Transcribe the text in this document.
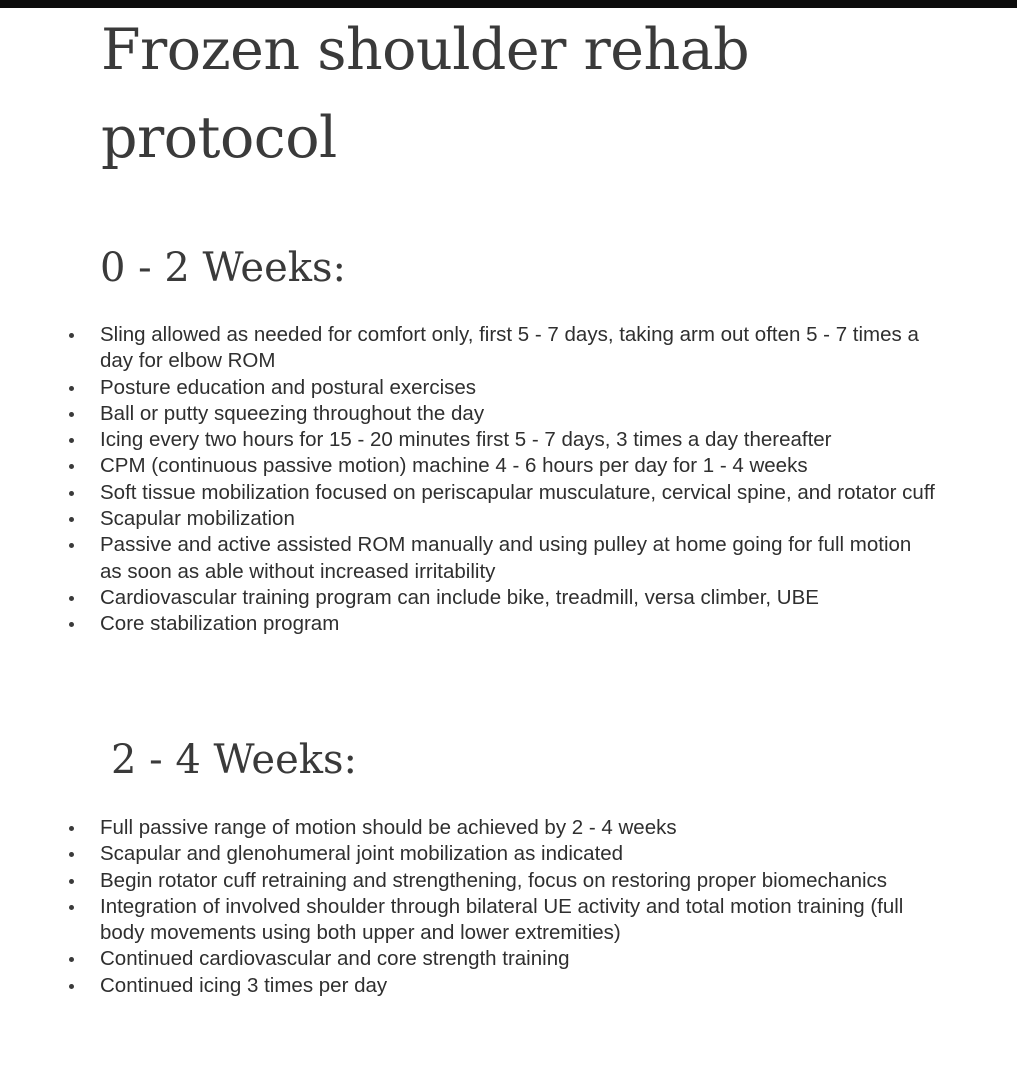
Frozen shoulder rehab protocol
0 - 2 Weeks:
Sling allowed as needed for comfort only, first 5 - 7 days, taking arm out often 5 - 7 times a day for elbow ROM
Posture education and postural exercises
Ball or putty squeezing throughout the day
Icing every two hours for 15 - 20 minutes first 5 - 7 days, 3 times a day thereafter
CPM (continuous passive motion) machine 4 - 6 hours per day for 1 - 4 weeks
Soft tissue mobilization focused on periscapular musculature, cervical spine, and rotator cuff
Scapular mobilization
Passive and active assisted ROM manually and using pulley at home going for full motion as soon as able without increased irritability
Cardiovascular training program can include bike, treadmill, versa climber, UBE
Core stabilization program
2 - 4 Weeks:
Full passive range of motion should be achieved by 2 - 4 weeks
Scapular and glenohumeral joint mobilization as indicated
Begin rotator cuff retraining and strengthening, focus on restoring proper biomechanics
Integration of involved shoulder through bilateral UE activity and total motion training (full body movements using both upper and lower extremities)
Continued cardiovascular and core strength training
Continued icing 3 times per day
